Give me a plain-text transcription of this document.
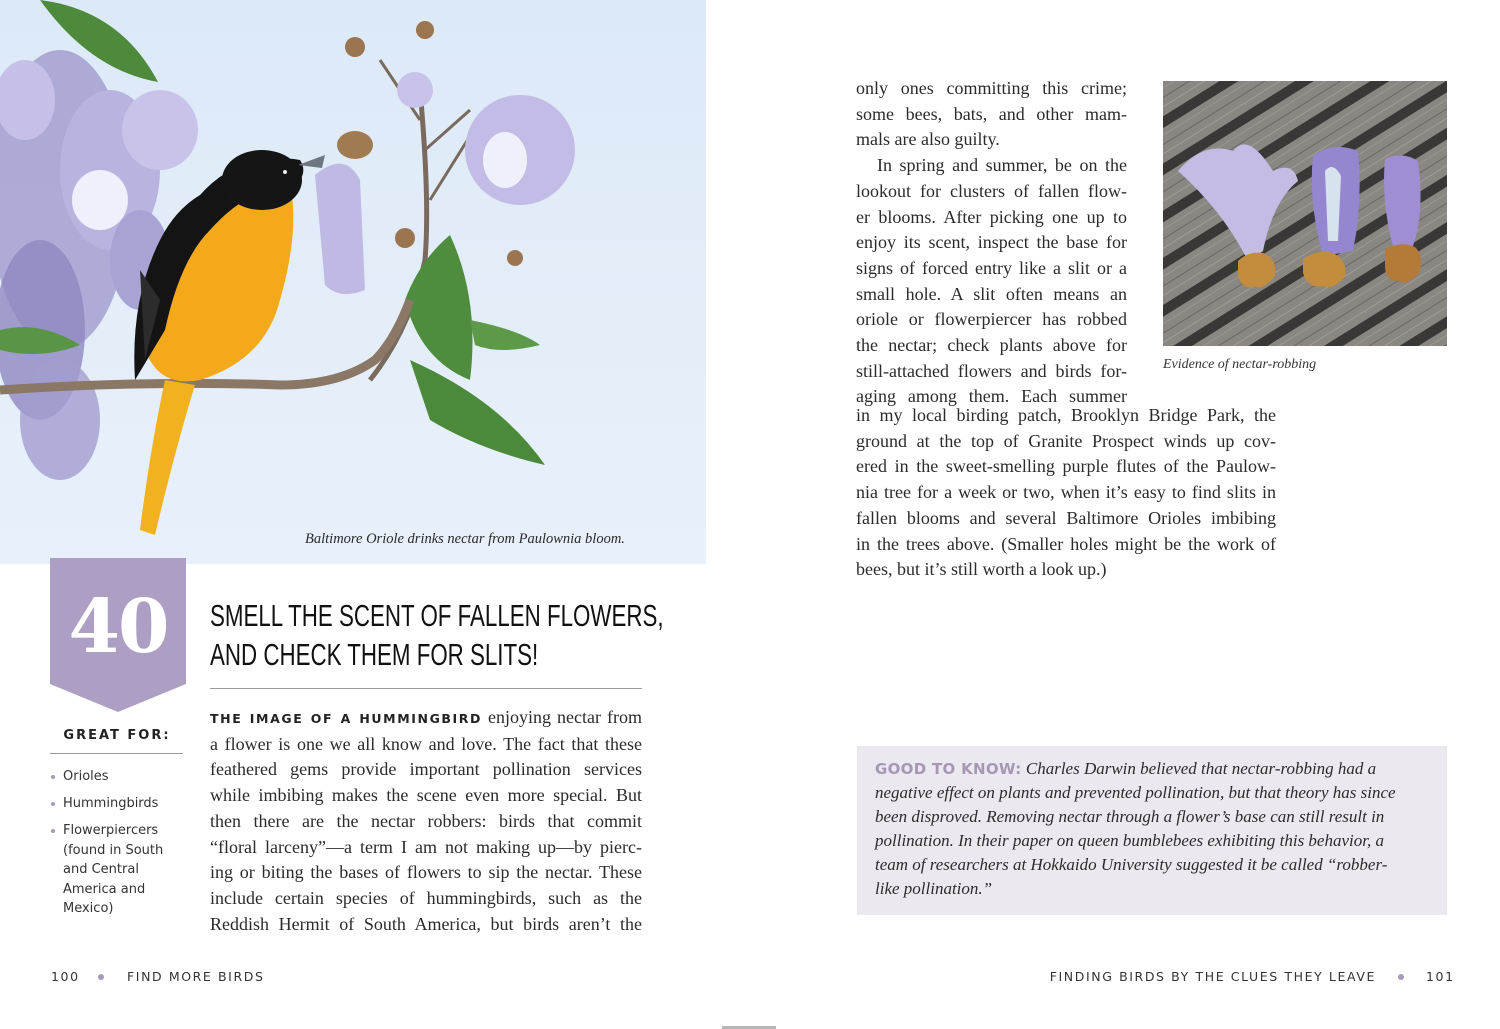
Baltimore Oriole drinks nectar from Paulownia bloom.
40	SMELL THE SCENT OF FALLEN FLOWERS,
AND CHECK THEM FOR SLITS!
GREAT FOR:
Orioles
Hummingbirds
Flowerpiercers
(found in South
and Central
America and
Mexico)
THE IMAGE OF A HUMMINGBIRD enjoying nectar from
a flower is one we all know and love. The fact that these
feathered gems provide important pollination services
while imbibing makes the scene even more special. But
then there are the nectar robbers: birds that commit
“floral larceny”—a term I am not making up—by pierc-
ing or biting the bases of flowers to sip the nectar. These
include certain species of hummingbirds, such as the
Reddish Hermit of South America, but birds aren’t the
100	FIND MORE BIRDS
only ones committing this crime;
some bees, bats, and other mam-
mals are also guilty.
In spring and summer, be on the
lookout for clusters of fallen flow-
er blooms. After picking one up to
enjoy its scent, inspect the base for
signs of forced entry like a slit or a
small hole. A slit often means an
oriole or flowerpiercer has robbed
the nectar; check plants above for
still-attached flowers and birds for-
aging among them. Each summer
in my local birding patch, Brooklyn Bridge Park, the
ground at the top of Granite Prospect winds up cov-
ered in the sweet-smelling purple flutes of the Paulow-
nia tree for a week or two, when it’s easy to find slits in
fallen blooms and several Baltimore Orioles imbibing
in the trees above. (Smaller holes might be the work of
bees, but it’s still worth a look up.)
Evidence of nectar-robbing
GOOD TO KNOW: Charles Darwin believed that nectar-robbing had a
negative effect on plants and prevented pollination, but that theory has since
been disproved. Removing nectar through a flower’s base can still result in
pollination. In their paper on queen bumblebees exhibiting this behavior, a
team of researchers at Hokkaido University suggested it be called “robber-
like pollination.”
FINDING BIRDS BY THE CLUES THEY LEAVE	101
